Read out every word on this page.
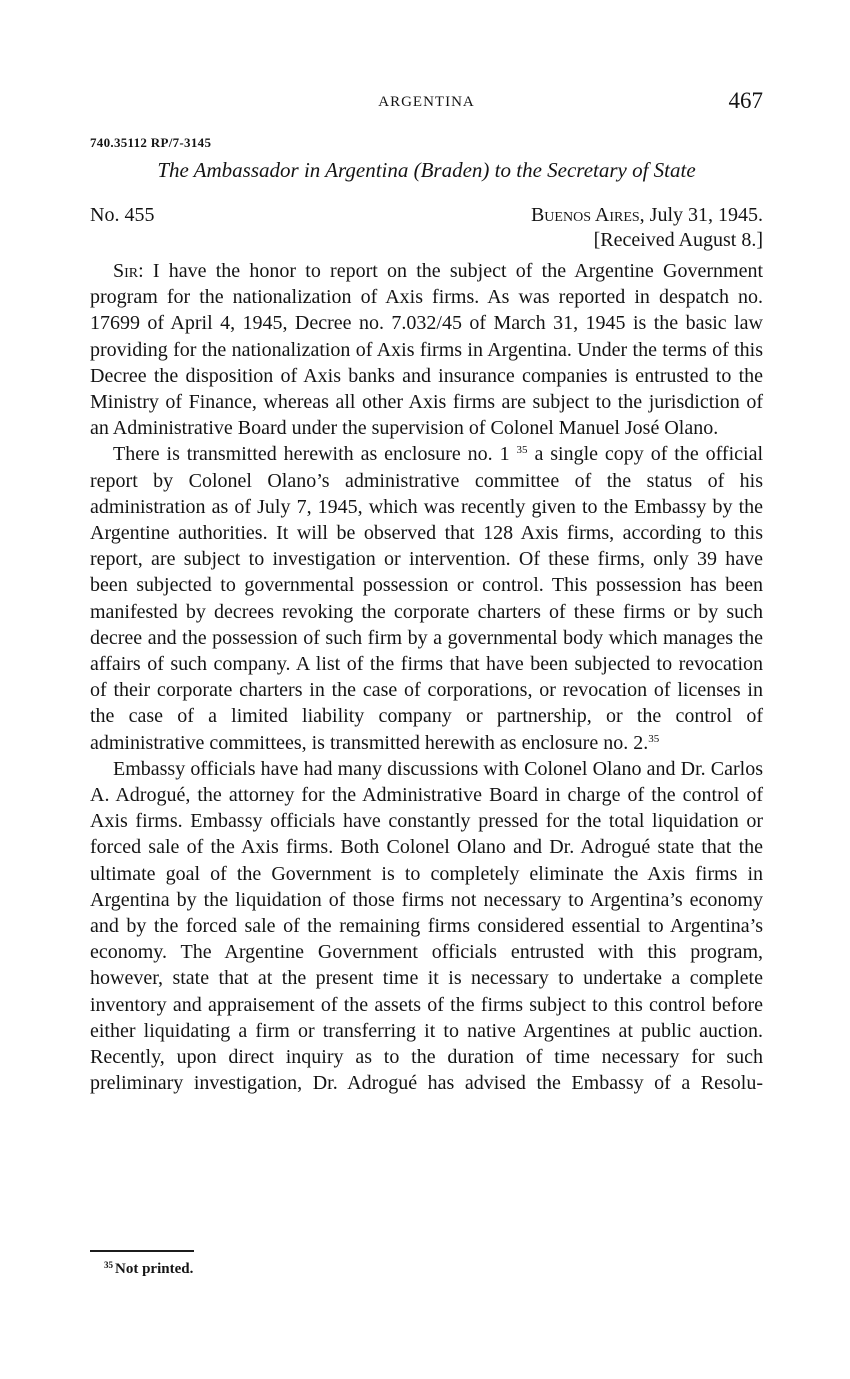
ARGENTINA	467
740.35112 RP/7-3145
The Ambassador in Argentina (Braden) to the Secretary of State
No. 455	Buenos Aires, July 31, 1945.
[Received August 8.]

Sir: I have the honor to report on the subject of the Argentine Government program for the nationalization of Axis firms. As was reported in despatch no. 17699 of April 4, 1945, Decree no. 7.032/45 of March 31, 1945 is the basic law providing for the nationalization of Axis firms in Argentina. Under the terms of this Decree the disposition of Axis banks and insurance companies is entrusted to the Ministry of Finance, whereas all other Axis firms are subject to the jurisdiction of an Administrative Board under the supervision of Colonel Manuel José Olano.

There is transmitted herewith as enclosure no. 1 $^{35}$ a single copy of the official report by Colonel Olano’s administrative committee of the status of his administration as of July 7, 1945, which was recently given to the Embassy by the Argentine authorities. It will be observed that 128 Axis firms, according to this report, are subject to investigation or intervention. Of these firms, only 39 have been subjected to governmental possession or control. This possession has been manifested by decrees revoking the corporate charters of these firms or by such decree and the possession of such firm by a governmental body which manages the affairs of such company. A list of the firms that have been subjected to revocation of their corporate charters in the case of corporations, or revocation of licenses in the case of a limited liability company or partnership, or the control of administrative committees, is transmitted herewith as enclosure no. 2.35

Embassy officials have had many discussions with Colonel Olano and Dr. Carlos A. Adrogué, the attorney for the Administrative Board in charge of the control of Axis firms. Embassy officials have constantly pressed for the total liquidation or forced sale of the Axis firms. Both Colonel Olano and Dr. Adrogué state that the ultimate goal of the Government is to completely eliminate the Axis firms in Argentina by the liquidation of those firms not necessary to Argentina’s economy and by the forced sale of the remaining firms considered essential to Argentina’s economy. The Argentine Government officials entrusted with this program, however, state that at the present time it is necessary to undertake a complete inventory and appraisement of the assets of the firms subject to this control before either liquidating a firm or transferring it to native Argentines at public auction. Recently, upon direct inquiry as to the duration of time necessary for such preliminary investigation, Dr. Adrogué has advised the Embassy of a Resolu-

$^{35}$ Not printed.
